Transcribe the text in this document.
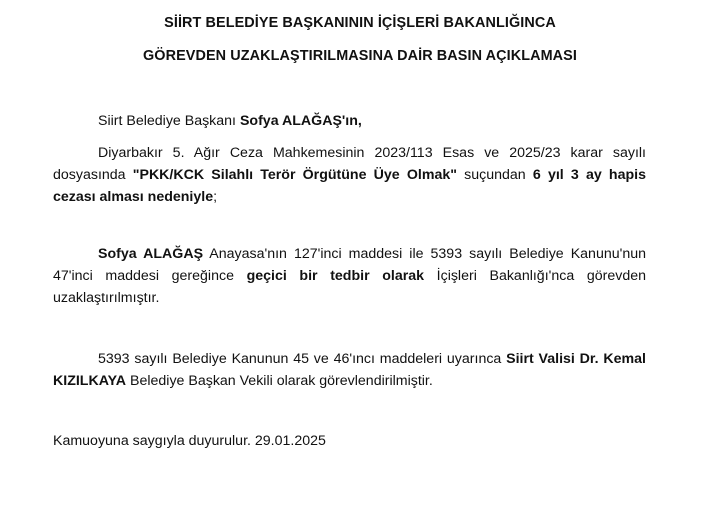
SİİRT BELEDİYE BAŞKANININ İÇİŞLERİ BAKANLIĞINCA
GÖREVDEN UZAKLAŞTIRILMASINA DAİR BASIN AÇIKLAMASI
Siirt Belediye Başkanı Sofya ALAĞAŞ'ın,
Diyarbakır 5. Ağır Ceza Mahkemesinin 2023/113 Esas ve 2025/23 karar sayılı dosyasında "PKK/KCK Silahlı Terör Örgütüne Üye Olmak" suçundan 6 yıl 3 ay hapis cezası alması nedeniyle;
Sofya ALAĞAŞ Anayasa'nın 127'inci maddesi ile 5393 sayılı Belediye Kanunu'nun 47'inci maddesi gereğince geçici bir tedbir olarak İçişleri Bakanlığı'nca görevden uzaklaştırılmıştır.
5393 sayılı Belediye Kanunun 45 ve 46'ıncı maddeleri uyarınca Siirt Valisi Dr. Kemal KIZILKAYA Belediye Başkan Vekili olarak görevlendirilmiştir.
Kamuoyuna saygıyla duyurulur. 29.01.2025
